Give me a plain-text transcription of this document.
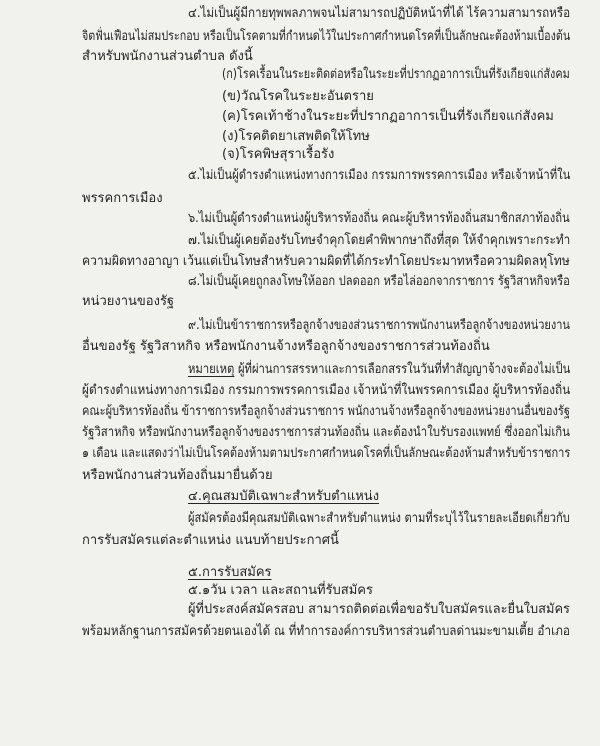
๔.ไม่เป็นผู้มีกายทุพพลภาพจนไม่สามารถปฏิบัติหน้าที่ได้ ไร้ความสามารถหรือ
จิตฟั่นเฟือนไม่สมประกอบ หรือเป็นโรคตามที่กำหนดไว้ในประกาศกำหนดโรคที่เป็นลักษณะต้องห้ามเบื้องต้น
สำหรับพนักงานส่วนตำบล ดังนี้
(ก)โรคเรื้อนในระยะติดต่อหรือในระยะที่ปรากฏอาการเป็นที่รังเกียจแก่สังคม
(ข)วัณโรคในระยะอันตราย
(ค)โรคเท้าช้างในระยะที่ปรากฏอาการเป็นที่รังเกียจแก่สังคม
(ง)โรคติดยาเสพติดให้โทษ
(จ)โรคพิษสุราเรื้อรัง
๕.ไม่เป็นผู้ดำรงตำแหน่งทางการเมือง กรรมการพรรคการเมือง หรือเจ้าหน้าที่ใน
พรรคการเมือง
๖.ไม่เป็นผู้ดำรงตำแหน่งผู้บริหารท้องถิ่น คณะผู้บริหารท้องถิ่นสมาชิกสภาท้องถิ่น
๗.ไม่เป็นผู้เคยต้องรับโทษจำคุกโดยคำพิพากษาถึงที่สุด ให้จำคุกเพราะกระทำ
ความผิดทางอาญา เว้นแต่เป็นโทษสำหรับความผิดที่ได้กระทำโดยประมาทหรือความผิดลหุโทษ
๘.ไม่เป็นผู้เคยถูกลงโทษให้ออก ปลดออก หรือไล่ออกจากราชการ รัฐวิสาหกิจหรือ
หน่วยงานของรัฐ
๙.ไม่เป็นข้าราชการหรือลูกจ้างของส่วนราชการพนักงานหรือลูกจ้างของหน่วยงาน
อื่นของรัฐ รัฐวิสาหกิจ หรือพนักงานจ้างหรือลูกจ้างของราชการส่วนท้องถิ่น
หมายเหตุ ผู้ที่ผ่านการสรรหาและการเลือกสรรในวันที่ทำสัญญาจ้างจะต้องไม่เป็น
ผู้ดำรงตำแหน่งทางการเมือง กรรมการพรรคการเมือง เจ้าหน้าที่ในพรรคการเมือง ผู้บริหารท้องถิ่น
คณะผู้บริหารท้องถิ่น ข้าราชการหรือลูกจ้างส่วนราชการ พนักงานจ้างหรือลูกจ้างของหน่วยงานอื่นของรัฐ
รัฐวิสาหกิจ หรือพนักงานหรือลูกจ้างของราชการส่วนท้องถิ่น และต้องนำใบรับรองแพทย์ ซึ่งออกไม่เกิน
๑ เดือน และแสดงว่าไม่เป็นโรคต้องห้ามตามประกาศกำหนดโรคที่เป็นลักษณะต้องห้ามสำหรับข้าราชการ
หรือพนักงานส่วนท้องถิ่นมายื่นด้วย
๔.คุณสมบัติเฉพาะสำหรับตำแหน่ง
ผู้สมัครต้องมีคุณสมบัติเฉพาะสำหรับตำแหน่ง ตามที่ระบุไว้ในรายละเอียดเกี่ยวกับ
การรับสมัครแต่ละตำแหน่ง แนบท้ายประกาศนี้
๕.การรับสมัคร
๕.๑วัน เวลา และสถานที่รับสมัคร
ผู้ที่ประสงค์สมัครสอบ สามารถติดต่อเพื่อขอรับใบสมัครและยื่นใบสมัคร
พร้อมหลักฐานการสมัครด้วยตนเองได้ ณ ที่ทำการองค์การบริหารส่วนตำบลด่านมะขามเตี้ย อำเภอ
